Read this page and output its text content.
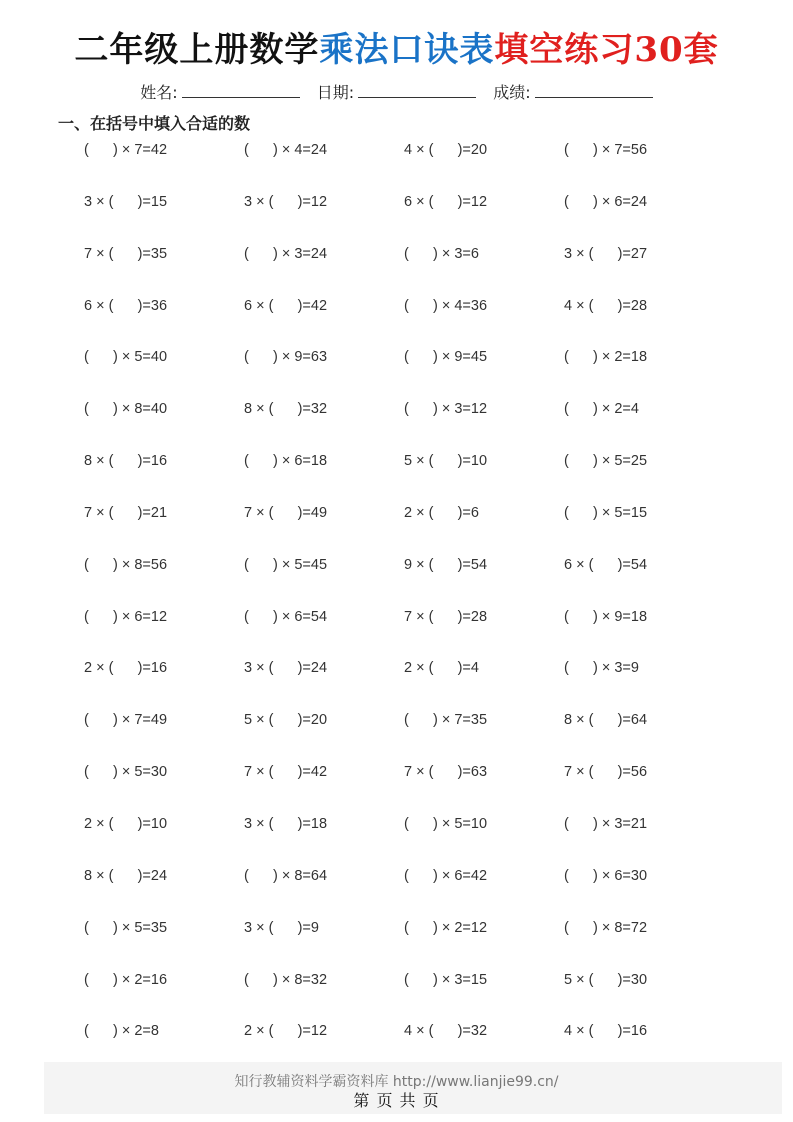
二年级上册数学乘法口诀表填空练习30套
姓名:	日期:	成绩:
一、在括号中填入合适的数
(      ) × 7=42	(      ) × 4=24	4 × (      )=20	(      ) × 7=56
3 × (      )=15	3 × (      )=12	6 × (      )=12	(      ) × 6=24
7 × (      )=35	(      ) × 3=24	(      ) × 3=6	3 × (      )=27
6 × (      )=36	6 × (      )=42	(      ) × 4=36	4 × (      )=28
(      ) × 5=40	(      ) × 9=63	(      ) × 9=45	(      ) × 2=18
(      ) × 8=40	8 × (      )=32	(      ) × 3=12	(      ) × 2=4
8 × (      )=16	(      ) × 6=18	5 × (      )=10	(      ) × 5=25
7 × (      )=21	7 × (      )=49	2 × (      )=6	(      ) × 5=15
(      ) × 8=56	(      ) × 5=45	9 × (      )=54	6 × (      )=54
(      ) × 6=12	(      ) × 6=54	7 × (      )=28	(      ) × 9=18
2 × (      )=16	3 × (      )=24	2 × (      )=4	(      ) × 3=9
(      ) × 7=49	5 × (      )=20	(      ) × 7=35	8 × (      )=64
(      ) × 5=30	7 × (      )=42	7 × (      )=63	7 × (      )=56
2 × (      )=10	3 × (      )=18	(      ) × 5=10	(      ) × 3=21
8 × (      )=24	(      ) × 8=64	(      ) × 6=42	(      ) × 6=30
(      ) × 5=35	3 × (      )=9	(      ) × 2=12	(      ) × 8=72
(      ) × 2=16	(      ) × 8=32	(      ) × 3=15	5 × (      )=30
(      ) × 2=8	2 × (      )=12	4 × (      )=32	4 × (      )=16
知行教辅资料学霸资料库 http://www.lianjie99.cn/
第 页 共 页
